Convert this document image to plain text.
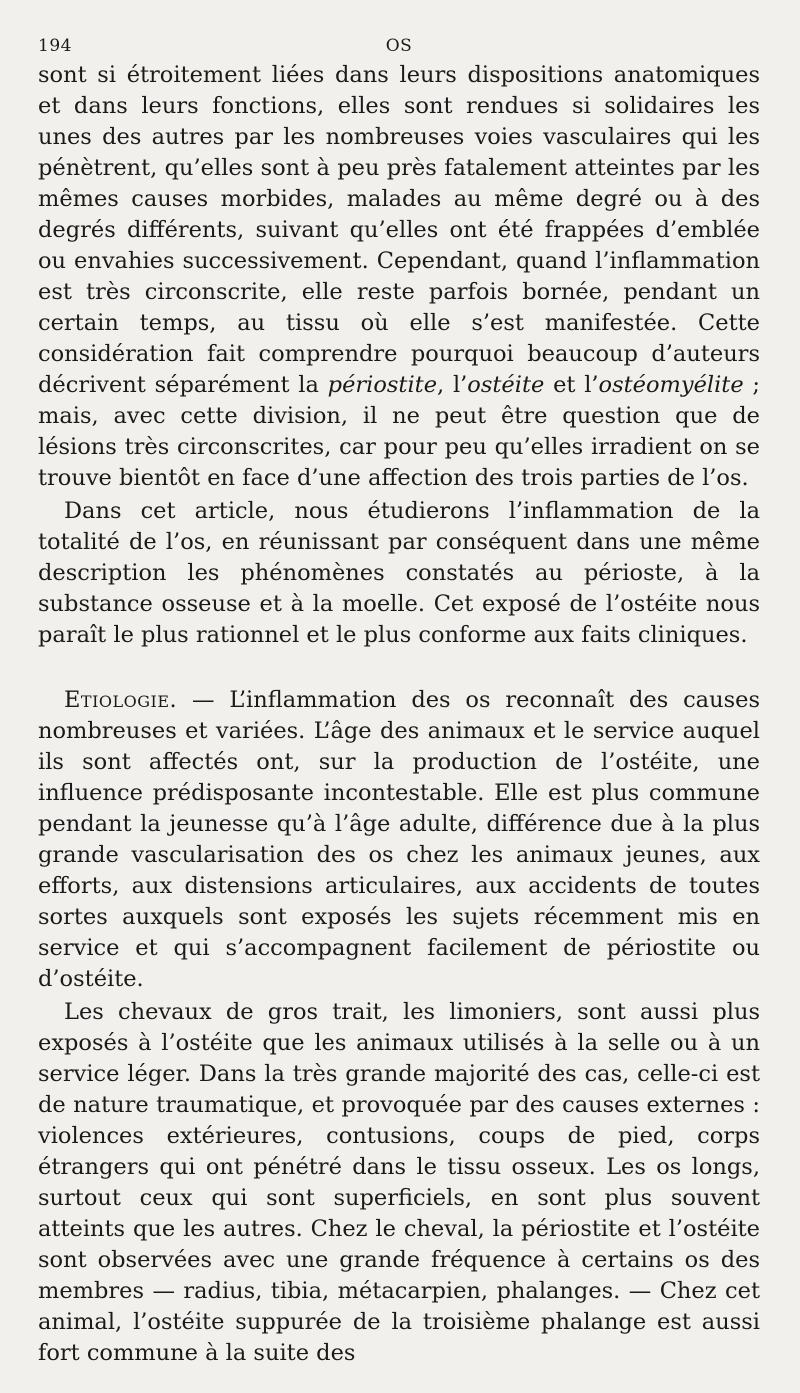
194	OS

sont si étroitement liées dans leurs dispositions anatomiques et dans leurs fonctions, elles sont rendues si solidaires les unes des autres par les nombreuses voies vasculaires qui les pénètrent, qu’elles sont à peu près fatalement atteintes par les mêmes causes morbides, malades au même degré ou à des degrés différents, suivant qu’elles ont été frappées d’emblée ou envahies successivement. Cependant, quand l’inflammation est très circonscrite, elle reste parfois bornée, pendant un certain temps, au tissu où elle s’est manifestée. Cette considération fait comprendre pourquoi beaucoup d’auteurs décrivent séparément la périostite, l’ostéite et l’ostéomyélite ; mais, avec cette division, il ne peut être question que de lésions très circonscrites, car pour peu qu’elles irradient on se trouve bientôt en face d’une affection des trois parties de l’os.

Dans cet article, nous étudierons l’inflammation de la totalité de l’os, en réunissant par conséquent dans une même description les phénomènes constatés au périoste, à la substance osseuse et à la moelle. Cet exposé de l’ostéite nous paraît le plus rationnel et le plus conforme aux faits cliniques.

Etiologie. — L’inflammation des os reconnaît des causes nombreuses et variées. L’âge des animaux et le service auquel ils sont affectés ont, sur la production de l’ostéite, une influence prédisposante incontestable. Elle est plus commune pendant la jeunesse qu’à l’âge adulte, différence due à la plus grande vascularisation des os chez les animaux jeunes, aux efforts, aux distensions articulaires, aux accidents de toutes sortes auxquels sont exposés les sujets récemment mis en service et qui s’accompagnent facilement de périostite ou d’ostéite.

Les chevaux de gros trait, les limoniers, sont aussi plus exposés à l’ostéite que les animaux utilisés à la selle ou à un service léger. Dans la très grande majorité des cas, celle-ci est de nature traumatique, et provoquée par des causes externes : violences extérieures, contusions, coups de pied, corps étrangers qui ont pénétré dans le tissu osseux. Les os longs, surtout ceux qui sont superficiels, en sont plus souvent atteints que les autres. Chez le cheval, la périostite et l’ostéite sont observées avec une grande fréquence à certains os des membres — radius, tibia, métacarpien, phalanges. — Chez cet animal, l’ostéite suppurée de la troisième phalange est aussi fort commune à la suite des
